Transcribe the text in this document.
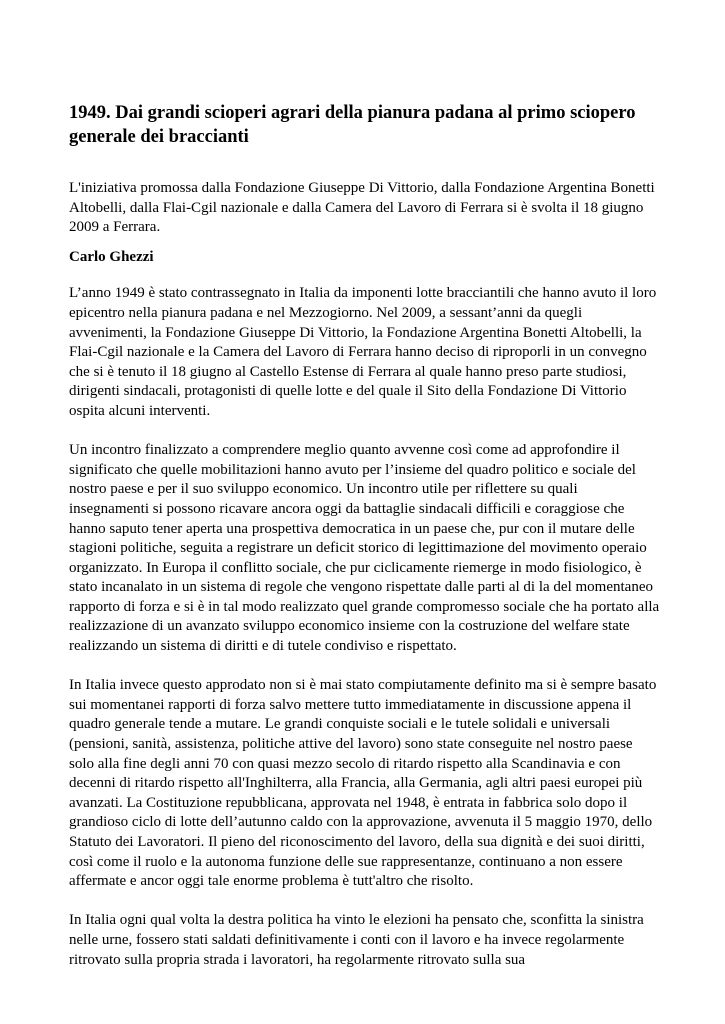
1949. Dai grandi scioperi agrari della pianura padana al primo sciopero generale dei braccianti

L'iniziativa promossa dalla Fondazione Giuseppe Di Vittorio, dalla Fondazione Argentina Bonetti Altobelli, dalla Flai-Cgil nazionale e dalla Camera del Lavoro di Ferrara si è svolta il 18 giugno 2009 a Ferrara.

Carlo Ghezzi

L’anno 1949 è stato contrassegnato in Italia da imponenti lotte bracciantili che hanno avuto il loro epicentro nella pianura padana e nel Mezzogiorno. Nel 2009, a sessant’anni da quegli avvenimenti, la Fondazione Giuseppe Di Vittorio, la Fondazione Argentina Bonetti Altobelli, la Flai-Cgil nazionale e la Camera del Lavoro di Ferrara hanno deciso di riproporli in un convegno che si è tenuto il 18 giugno al Castello Estense di Ferrara al quale hanno preso parte studiosi, dirigenti sindacali, protagonisti di quelle lotte e del quale il Sito della Fondazione Di Vittorio ospita alcuni interventi.

Un incontro finalizzato a comprendere meglio quanto avvenne così come ad approfondire il significato che quelle mobilitazioni hanno avuto per l’insieme del quadro politico e sociale del nostro paese e per il suo sviluppo economico. Un incontro utile per riflettere su quali insegnamenti si possono ricavare ancora oggi da battaglie sindacali difficili e coraggiose che hanno saputo tener aperta una prospettiva democratica in un paese che, pur con il mutare delle stagioni politiche, seguita a registrare un deficit storico di legittimazione del movimento operaio organizzato. In Europa il conflitto sociale, che pur ciclicamente riemerge in modo fisiologico, è stato incanalato in un sistema di regole che vengono rispettate dalle parti al di la del momentaneo rapporto di forza e si è in tal modo realizzato quel grande compromesso sociale che ha portato alla realizzazione di un avanzato sviluppo economico insieme con la costruzione del welfare state realizzando un sistema di diritti e di tutele condiviso e rispettato.

In Italia invece questo approdato non si è mai stato compiutamente definito ma si è sempre basato sui momentanei rapporti di forza salvo mettere tutto immediatamente in discussione appena il quadro generale tende a mutare. Le grandi conquiste sociali e le tutele solidali e universali (pensioni, sanità, assistenza, politiche attive del lavoro) sono state conseguite nel nostro paese solo alla fine degli anni 70 con quasi mezzo secolo di ritardo rispetto alla Scandinavia e con decenni di ritardo rispetto all'Inghilterra, alla Francia, alla Germania, agli altri paesi europei più avanzati. La Costituzione repubblicana, approvata nel 1948, è entrata in fabbrica solo dopo il grandioso ciclo di lotte dell’autunno caldo con la approvazione, avvenuta il 5 maggio 1970, dello Statuto dei Lavoratori. Il pieno del riconoscimento del lavoro, della sua dignità e dei suoi diritti, così come il ruolo e la autonoma funzione delle sue rappresentanze, continuano a non essere affermate e ancor oggi tale enorme problema è tutt'altro che risolto.

In Italia ogni qual volta la destra politica ha vinto le elezioni ha pensato che, sconfitta la sinistra nelle urne, fossero stati saldati definitivamente i conti con il lavoro e ha invece regolarmente ritrovato sulla propria strada i lavoratori, ha regolarmente ritrovato sulla sua
